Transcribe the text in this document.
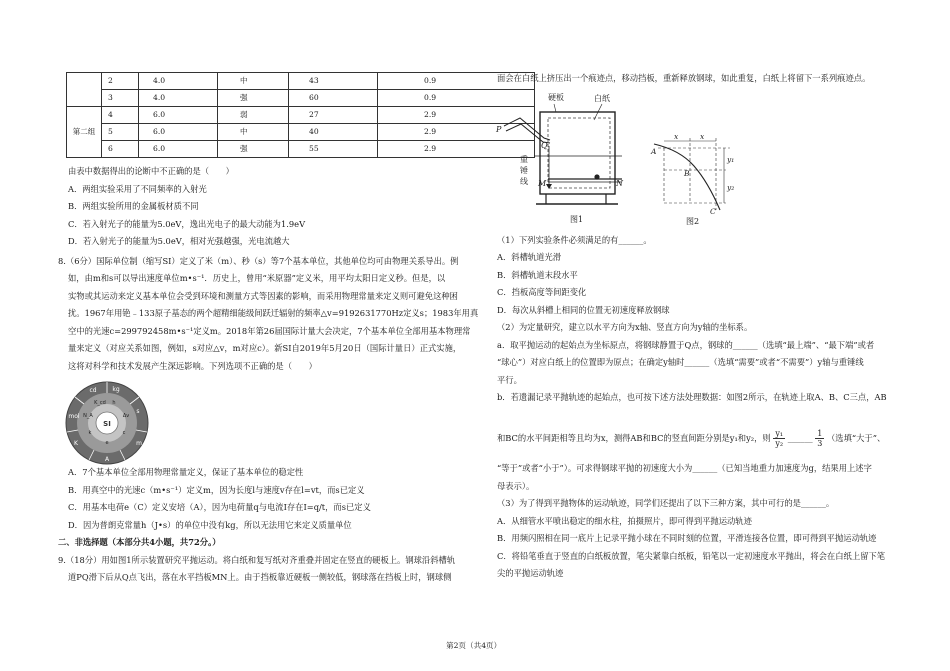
	2	4.0	中	43	0.9

	3	4.0	强	60	0.9

第二组	4	6.0	弱	27	2.9

	5	6.0	中	40	2.9

	6	6.0	强	55	2.9
由表中数据得出的论断中不正确的是（　　）
A．两组实验采用了不同频率的入射光
B．两组实验所用的金属板材质不同
C．若入射光子的能量为5.0eV，逸出光电子的最大动能为1.9eV
D．若入射光子的能量为5.0eV，相对光强越强，光电流越大
8.（6分）国际单位制（缩写SI）定义了米（m）、秒（s）等7个基本单位，其他单位均可由物理关系导出。例
如，由m和s可以导出速度单位m•s⁻¹．历史上，曾用“米原器”定义米，用平均太阳日定义秒。但是，以
实物或其运动来定义基本单位会受到环境和测量方式等因素的影响，而采用物理常量来定义则可避免这种困
扰。1967年用铯﹣133原子基态的两个超精细能级间跃迁辐射的频率△v=9192631770Hz定义s；1983年用真
空中的光速c=299792458m•s⁻¹定义m。2018年第26届国际计量大会决定，7个基本单位全部用基本物理常
量来定义（对应关系如图，例如，s对应△v，m对应c）。新SI自2019年5月20日（国际计量日）正式实施，
这将对科学和技术发展产生深远影响。下列选项不正确的是（　　）
kg
s
m
A
K
mol
cd
h
Δν
c
e
k
N_A
K_cd
SI
A．7个基本单位全部用物理常量定义，保证了基本单位的稳定性
B．用真空中的光速c（m•s⁻¹）定义m，因为长度l与速度v存在l=vt，而s已定义
C．用基本电荷e（C）定义安培（A），因为电荷量q与电流I存在I=q/t，而s已定义
D．因为普朗克常量h（J•s）的单位中没有kg，所以无法用它来定义质量单位
二、非选择题（本部分共4小题，共72分。）
9.（18分）用如图1所示装置研究平抛运动。将白纸和复写纸对齐重叠并固定在竖直的硬板上。钢球沿斜槽轨
道PQ滑下后从Q点飞出，落在水平挡板MN上。由于挡板靠近硬板一侧较低，钢球落在挡板上时，钢球侧
面会在白纸上挤压出一个痕迹点，移动挡板，重新释放钢球，如此重复，白纸上将留下一系列痕迹点。
硬板	白纸
P
Q
M	N
重
锤
线
图1
A
B
C
x	x
y₁
y₂
图2
（1）下列实验条件必须满足的有______。
A．斜槽轨道光滑
B．斜槽轨道末段水平
C．挡板高度等间距变化
D．每次从斜槽上相同的位置无初速度释放钢球
（2）为定量研究，建立以水平方向为x轴、竖直方向为y轴的坐标系。
a．取平抛运动的起始点为坐标原点，将钢球静置于Q点，钢球的______（选填“最上端”、“最下端”或者
“球心”）对应白纸上的位置即为原点；在确定y轴时______（选填“需要”或者“不需要”）y轴与重锤线
平行。
b．若遗漏记录平抛轨迹的起始点，也可按下述方法处理数据：如图2所示，在轨迹上取A、B、C三点，AB
和BC的水平间距相等且均为x，测得AB和BC的竖直间距分别是y₁和y₂，则 $\frac{\text{y₁}}{\text{y₂}}$ ______ $\frac{1}{3}$ （选填“大于”、
“等于”或者“小于”）。可求得钢球平抛的初速度大小为______（已知当地重力加速度为g，结果用上述字
母表示）。
（3）为了得到平抛物体的运动轨迹，同学们还提出了以下三种方案，其中可行的是______。
A．从细管水平喷出稳定的细水柱，拍摄照片，即可得到平抛运动轨迹
B．用频闪照相在同一底片上记录平抛小球在不同时刻的位置，平滑连接各位置，即可得到平抛运动轨迹
C．将铅笔垂直于竖直的白纸板放置，笔尖紧靠白纸板，铅笔以一定初速度水平抛出，将会在白纸上留下笔
尖的平抛运动轨迹
第2页（共4页）
